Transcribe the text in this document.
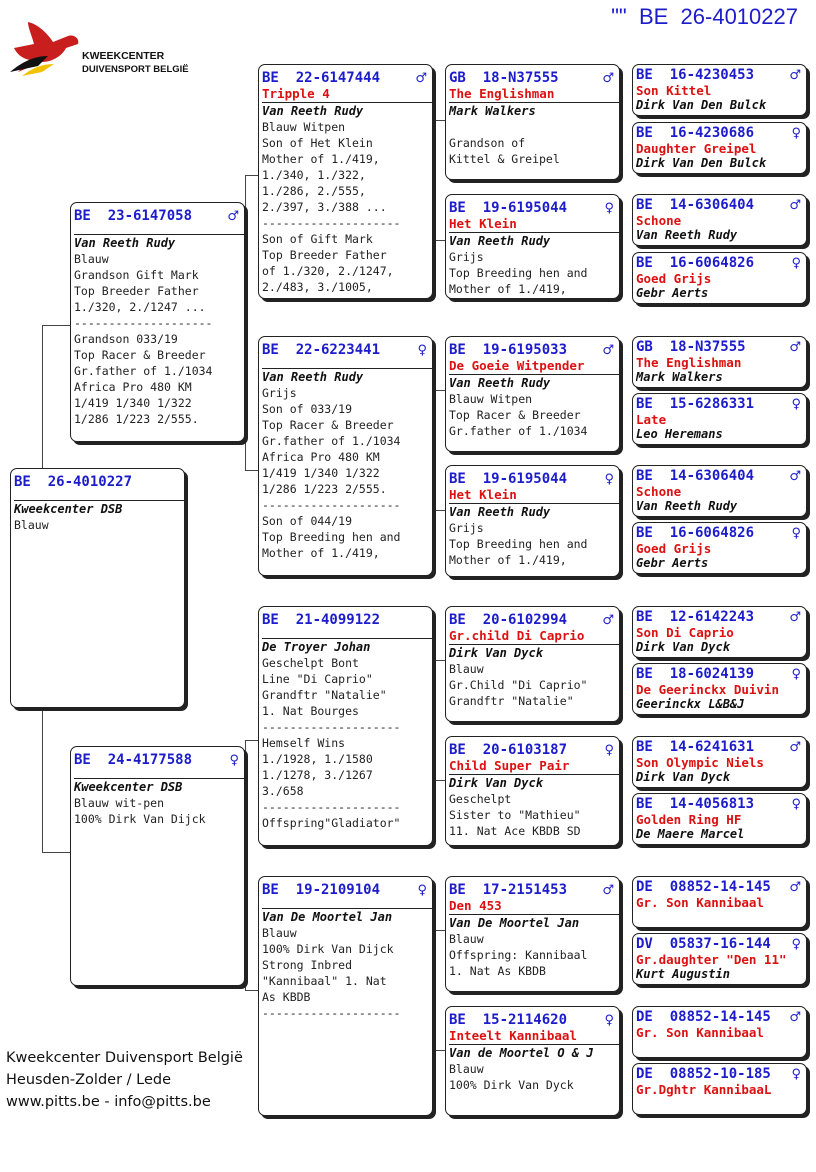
""  BE  26-4010227
KWEEKCENTER
DUIVENSPORT BELGIË
BE  26-4010227
Kweekcenter DSB
Blauw
BE  23-6147058	♂
Van Reeth Rudy
Blauw
Grandson Gift Mark
Top Breeder Father
1./320, 2./1247 ...
--------------------
Grandson 033/19
Top Racer & Breeder
Gr.father of 1./1034
Africa Pro 480 KM
1/419 1/340 1/322
1/286 1/223 2/555.
BE  24-4177588	♀
Kweekcenter DSB
Blauw wit-pen
100% Dirk Van Dijck
BE  22-6147444	♂
Tripple 4
Van Reeth Rudy
Blauw Witpen
Son of Het Klein
Mother of 1./419,
1./340, 1./322,
1./286, 2./555,
2./397, 3./388 ...
--------------------
Son of Gift Mark
Top Breeder Father
of 1./320, 2./1247,
2./483, 3./1005,
BE  22-6223441	♀
Van Reeth Rudy
Grijs
Son of 033/19
Top Racer & Breeder
Gr.father of 1./1034
Africa Pro 480 KM
1/419 1/340 1/322
1/286 1/223 2/555.
--------------------
Son of 044/19
Top Breeding hen and
Mother of 1./419,
BE  21-4099122
De Troyer Johan
Geschelpt Bont
Line "Di Caprio"
Grandftr "Natalie"
1. Nat Bourges
--------------------
Hemself Wins
1./1928, 1./1580
1./1278, 3./1267
3./658
--------------------
Offspring"Gladiator"
BE  19-2109104	♀
Van De Moortel Jan
Blauw
100% Dirk Van Dijck
Strong Inbred
"Kannibaal" 1. Nat
As KBDB
--------------------
GB  18-N37555	♂
The Englishman
Mark Walkers
Grandson of
Kittel & Greipel
BE  19-6195044	♀
Het Klein
Van Reeth Rudy
Grijs
Top Breeding hen and
Mother of 1./419,
BE  19-6195033	♂
De Goeie Witpender
Van Reeth Rudy
Blauw Witpen
Top Racer & Breeder
Gr.father of 1./1034
BE  19-6195044	♀
Het Klein
Van Reeth Rudy
Grijs
Top Breeding hen and
Mother of 1./419,
BE  20-6102994	♂
Gr.child Di Caprio
Dirk Van Dyck
Blauw
Gr.Child "Di Caprio"
Grandftr "Natalie"
BE  20-6103187	♀
Child Super Pair
Dirk Van Dyck
Geschelpt
Sister to "Mathieu"
11. Nat Ace KBDB SD
BE  17-2151453	♂
Den 453
Van De Moortel Jan
Blauw
Offspring: Kannibaal
1. Nat As KBDB
BE  15-2114620	♀
Inteelt Kannibaal
Van de Moortel O & J
Blauw
100% Dirk Van Dyck
BE  16-4230453	♂
Son Kittel
Dirk Van Den Bulck
BE  16-4230686	♀
Daughter Greipel
Dirk Van Den Bulck
BE  14-6306404	♂
Schone
Van Reeth Rudy
BE  16-6064826	♀
Goed Grijs
Gebr Aerts
GB  18-N37555	♂
The Englishman
Mark Walkers
BE  15-6286331	♀
Late
Leo Heremans
BE  14-6306404	♂
Schone
Van Reeth Rudy
BE  16-6064826	♀
Goed Grijs
Gebr Aerts
BE  12-6142243	♂
Son Di Caprio
Dirk Van Dyck
BE  18-6024139	♀
De Geerinckx Duivin
Geerinckx L&B&J
BE  14-6241631	♂
Son Olympic Niels
Dirk Van Dyck
BE  14-4056813	♀
Golden Ring HF
De Maere Marcel
DE  08852-14-145 ♂
Gr. Son Kannibaal
DV  05837-16-144 ♀
Gr.daughter "Den 11"
Kurt Augustin
DE  08852-14-145 ♂
Gr. Son Kannibaal
DE  08852-10-185 ♀
Gr.Dghtr KannibaaL
Kweekcenter Duivensport België
Heusden-Zolder / Lede
www.pitts.be - info@pitts.be
